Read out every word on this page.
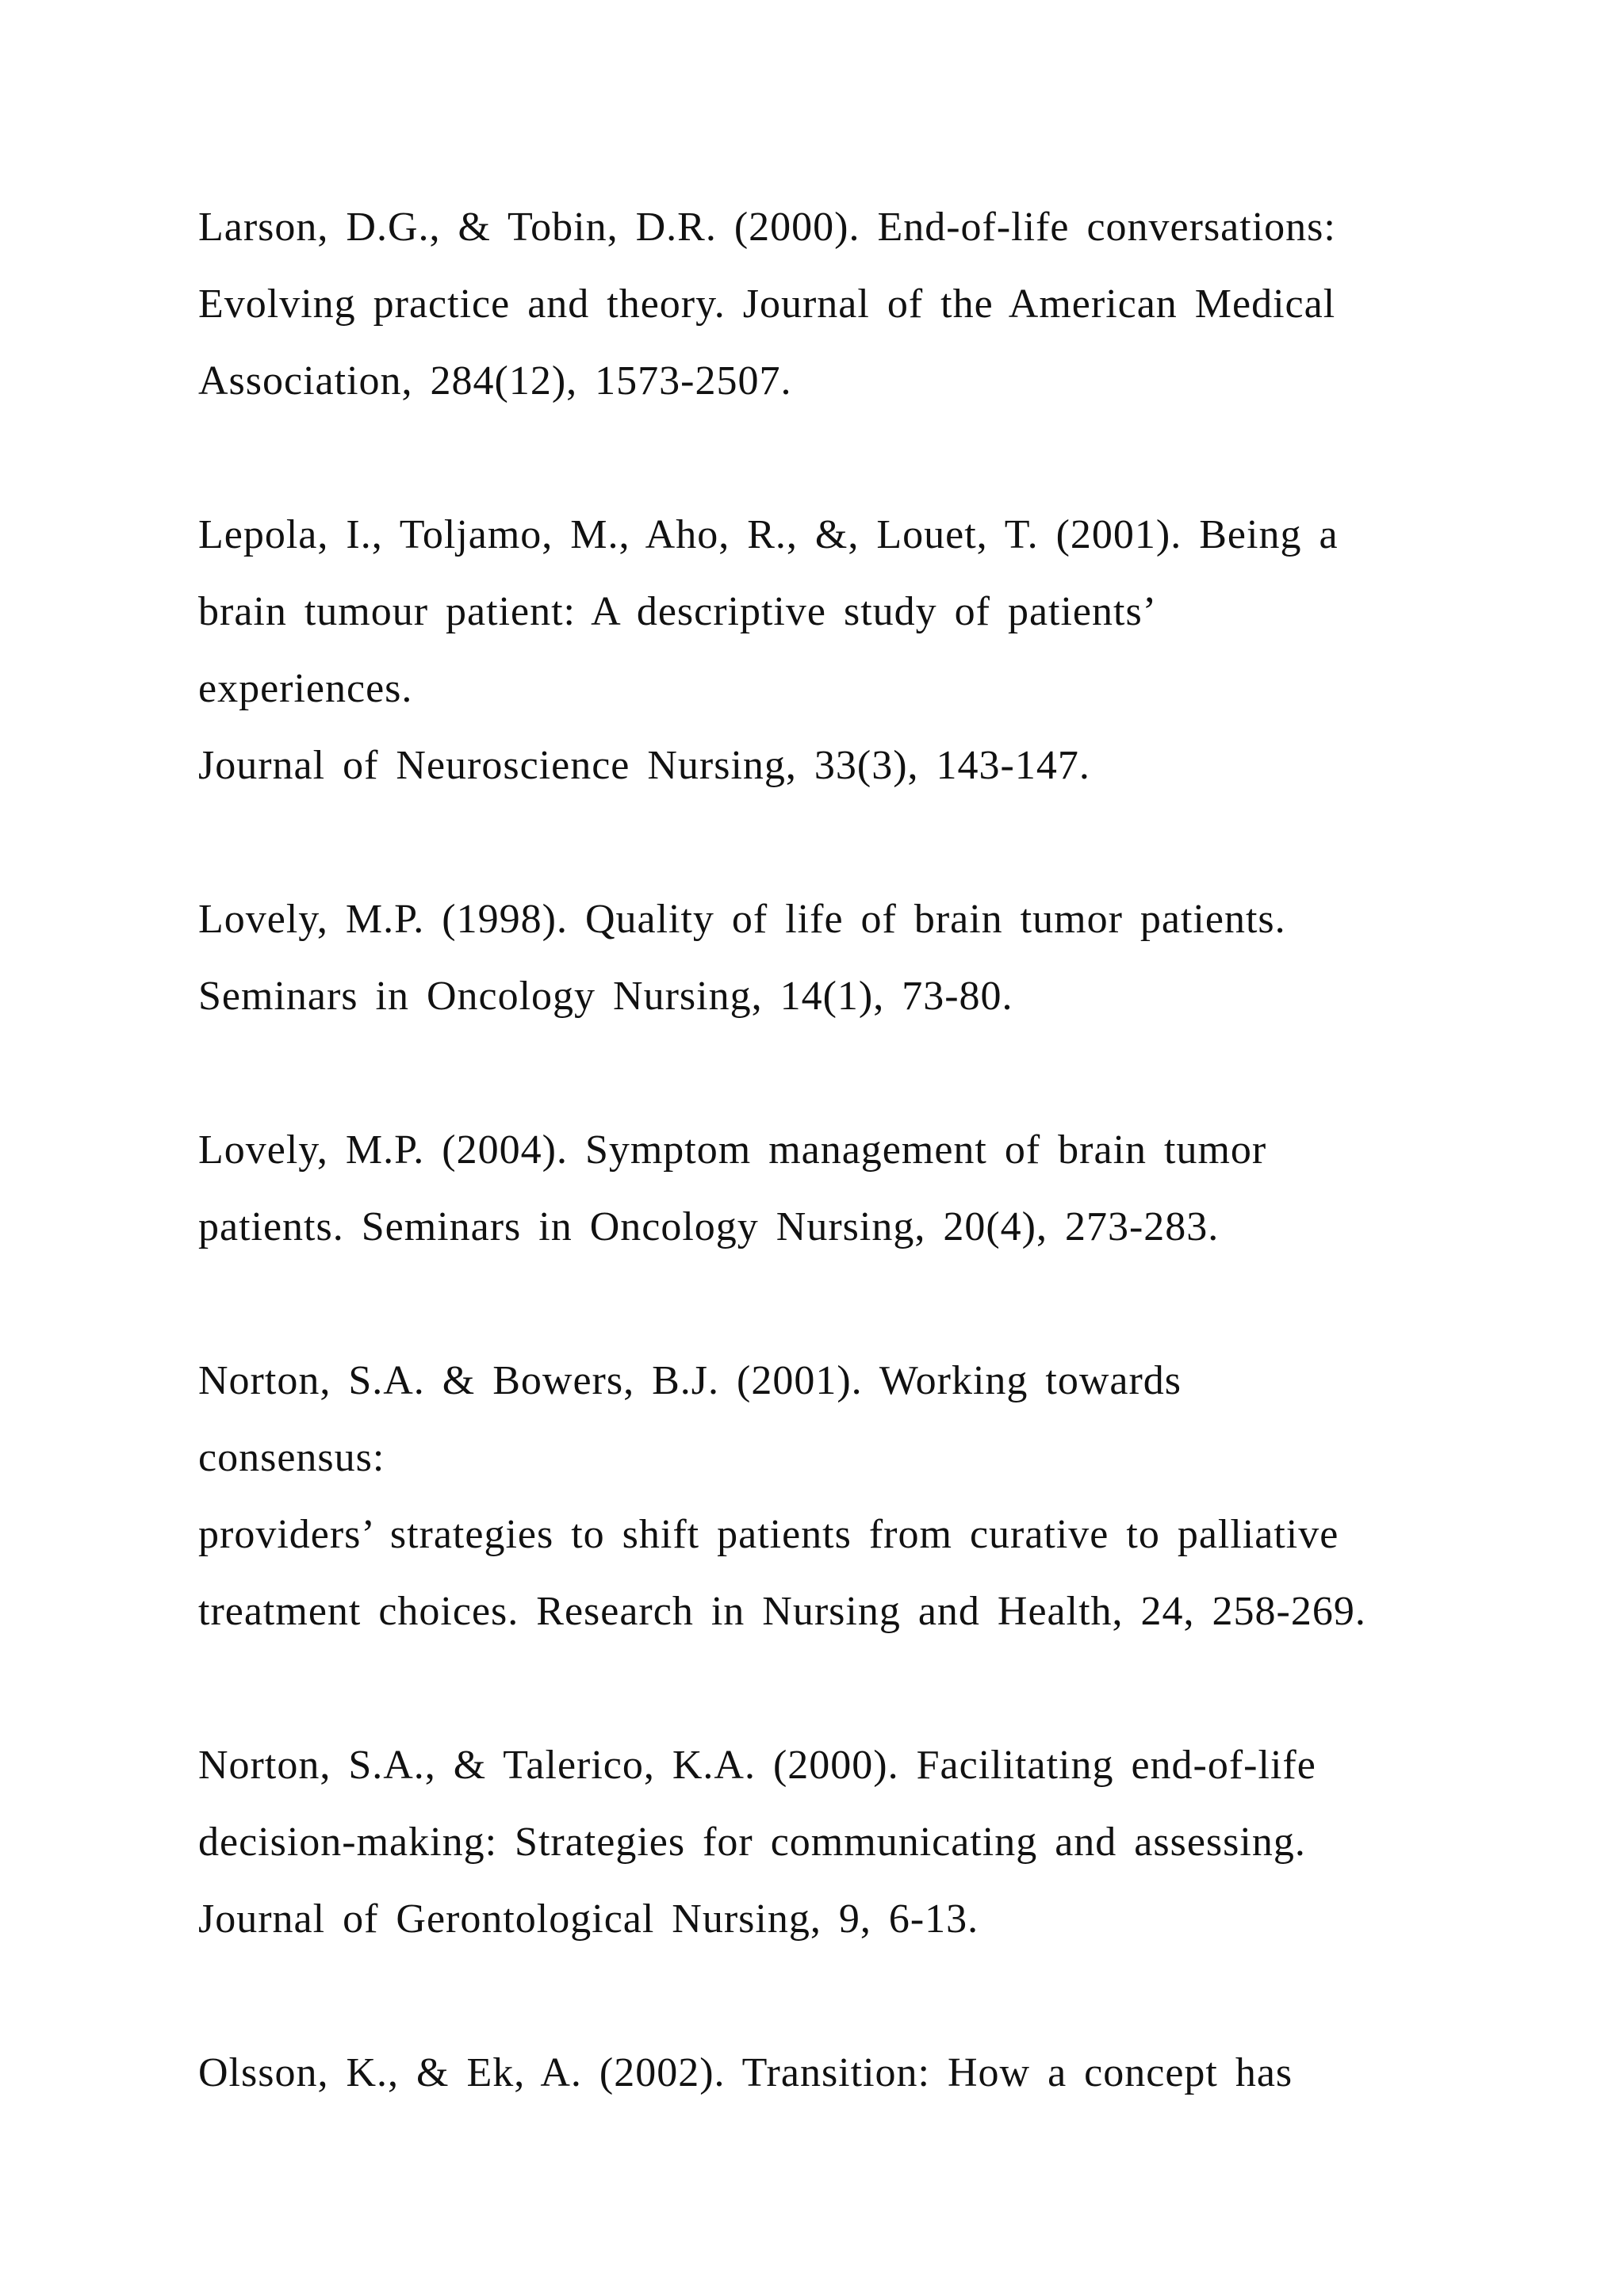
Larson, D.G., & Tobin, D.R. (2000). End-of-life conversations:
Evolving practice and theory. Journal of the American Medical
Association, 284(12), 1573-2507.
Lepola, I., Toljamo, M., Aho, R., &, Louet, T. (2001). Being a
brain tumour patient: A descriptive study of patients’
experiences.
Journal of Neuroscience Nursing, 33(3), 143-147.
Lovely, M.P. (1998). Quality of life of brain tumor patients.
Seminars in Oncology Nursing, 14(1), 73-80.
Lovely, M.P. (2004). Symptom management of brain tumor
patients. Seminars in Oncology Nursing, 20(4), 273-283.
Norton, S.A. & Bowers, B.J. (2001). Working towards
consensus:
providers’ strategies to shift patients from curative to palliative
treatment choices. Research in Nursing and Health, 24, 258-269.
Norton, S.A., & Talerico, K.A. (2000). Facilitating end-of-life
decision-making: Strategies for communicating and assessing.
Journal of Gerontological Nursing, 9, 6-13.
Olsson, K., & Ek, A. (2002). Transition: How a concept has
